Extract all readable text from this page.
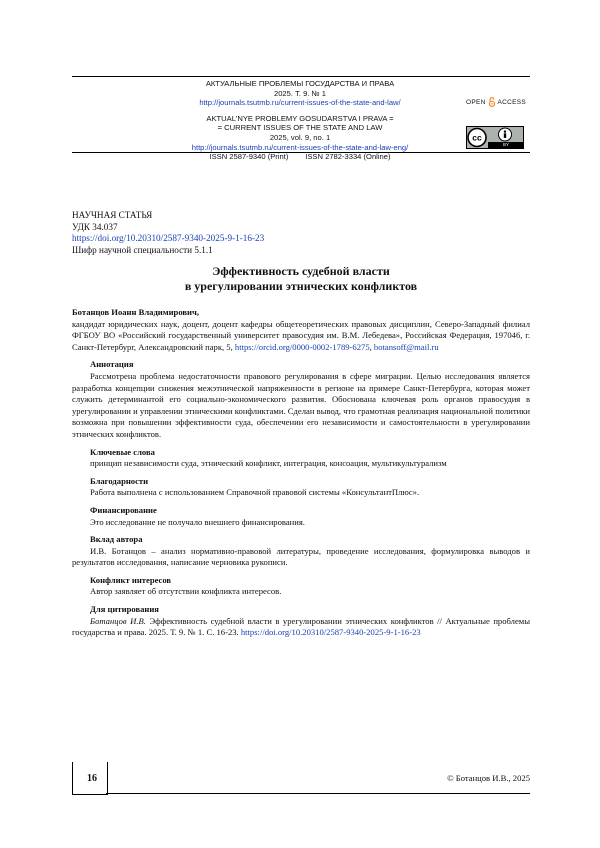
АКТУАЛЬНЫЕ ПРОБЛЕМЫ ГОСУДАРСТВА И ПРАВА
2025. Т. 9. № 1
http://journals.tsutmb.ru/current-issues-of-the-state-and-law/
AKTUAL'NYE PROBLEMY GOSUDARSTVA I PRAVA =
= CURRENT ISSUES OF THE STATE AND LAW
2025, vol. 9, no. 1
http://journals.tsutmb.ru/current-issues-of-the-state-and-law-eng/
ISSN 2587-9340 (Print)        ISSN 2782-3334 (Online)
OPEN ACCESS
cc
BY
НАУЧНАЯ СТАТЬЯ
УДК 34.037
https://doi.org/10.20310/2587-9340-2025-9-1-16-23
Шифр научной специальности 5.1.1
Эффективность судебной власти
в урегулировании этнических конфликтов
Ботанцов Иоанн Владимирович,
кандидат юридических наук, доцент, доцент кафедры общетеоретических правовых дисциплин, Северо-Западный филиал ФГБОУ ВО «Российский государственный университет правосудия им. В.М. Лебедева», Российская Федерация, 197046, г. Санкт-Петербург, Александровский парк, 5, https://orcid.org/0000-0002-1789-6275, botansoff@mail.ru
Аннотация
Рассмотрена проблема недостаточности правового регулирования в сфере миграции. Целью исследования является разработка концепции снижения межэтнической напряженности в регионе на примере Санкт-Петербурга, которая может служить детерминантой его социально-экономического развития. Обоснована ключевая роль органов правосудия в урегулировании и управлении этническими конфликтами. Сделан вывод, что грамотная реализация национальной политики возможна при повышении эффективности суда, обеспечении его независимости и самостоятельности в урегулировании этнических конфликтов.
Ключевые слова
принцип независимости суда, этнический конфликт, интеграция, консоация, мультикультурализм
Благодарности
Работа выполнена с использованием Справочной правовой системы «КонсультантПлюс».
Финансирование
Это исследование не получало внешнего финансирования.
Вклад автора
И.В. Ботанцов – анализ нормативно-правовой литературы, проведение исследования, формулировка выводов и результатов исследования, написание черновика рукописи.
Конфликт интересов
Автор заявляет об отсутствии конфликта интересов.
Для цитирования
Ботанцов И.В. Эффективность судебной власти в урегулировании этнических конфликтов // Актуальные проблемы государства и права. 2025. Т. 9. № 1. С. 16-23. https://doi.org/10.20310/2587-9340-2025-9-1-16-23
16	© Ботанцов И.В., 2025
